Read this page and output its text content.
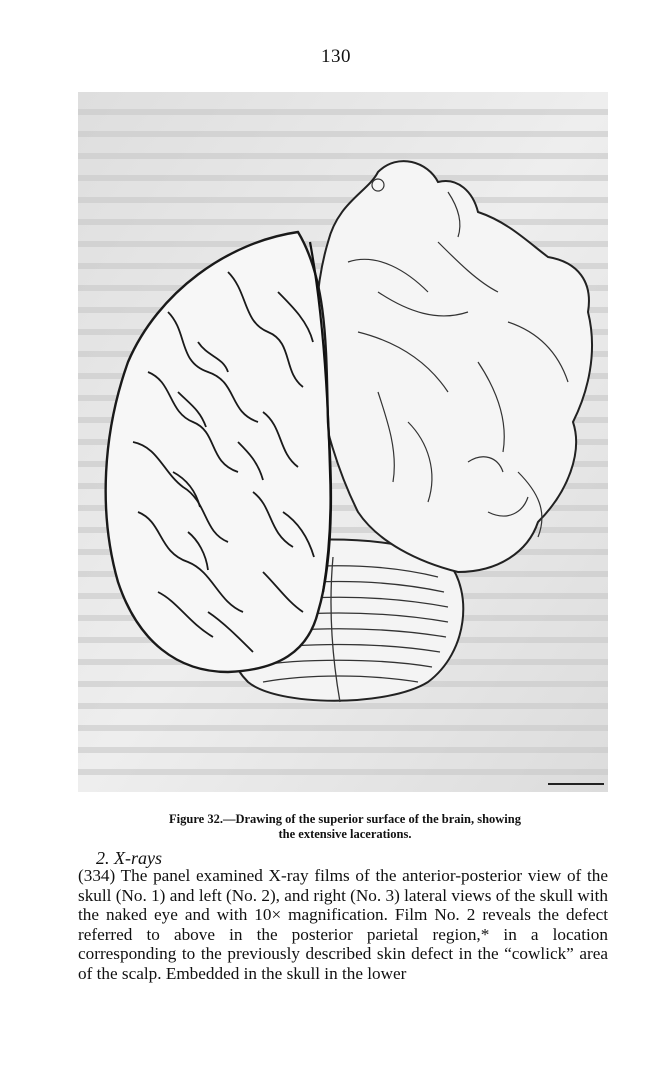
130
Figure 32.—Drawing of the superior surface of the brain, showing
the extensive lacerations.
2. X-rays
(334) The panel examined X-ray films of the anterior-posterior view of the skull (No. 1) and left (No. 2), and right (No. 3) lateral views of the skull with the naked eye and with 10× magnification. Film No. 2 reveals the defect referred to above in the posterior parietal region,* in a location corresponding to the previously described skin defect in the “cowlick” area of the scalp. Embedded in the skull in the lower
